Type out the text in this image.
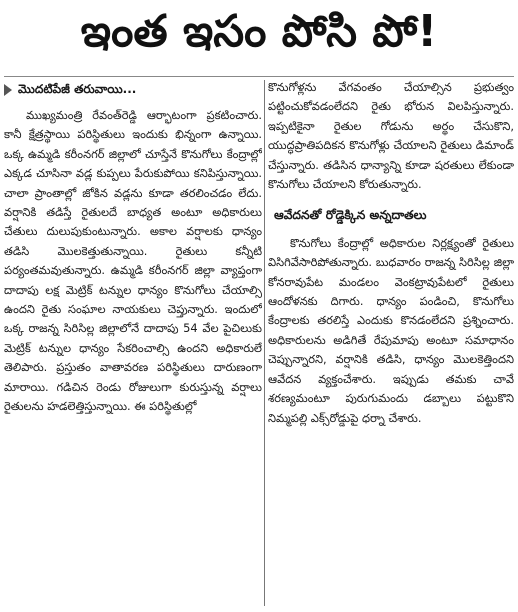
ఇంత ఇసం పోసి పో!
మొదటిపేజీ తరువాయి...

ముఖ్యమంత్రి రేవంత్‌రెడ్డి ఆర్భాటంగా ప్రకటించారు. కానీ క్షేత్రస్థాయి పరిస్థితులు ఇందుకు భిన్నంగా ఉన్నాయి. ఒక్క ఉమ్మడి కరీంనగర్ జిల్లాలో చూస్తేనే కొనుగోలు కేంద్రాల్లో ఎక్కడ చూసినా వడ్ల కుప్పలు పేరుకుపోయి కనిపిస్తున్నాయి. చాలా ప్రాంతాల్లో జోకిన వడ్లను కూడా తరలించడం లేదు. వర్షానికి తడిస్తే రైతులదే బాధ్యత అంటూ అధికారులు చేతులు దులుపుకుంటున్నారు. అకాల వర్షాలకు ధాన్యం తడిసి మొలకెత్తుతున్నాయి. రైతులు కన్నీటి పర్యంతమవుతున్నారు. ఉమ్మడి కరీంనగర్ జిల్లా వ్యాప్తంగా దాదాపు లక్ష మెట్రిక్ టన్నుల ధాన్యం కొనుగోలు చేయాల్సి ఉందని రైతు సంఘాల నాయకులు చెప్తున్నారు. ఇందులో ఒక్క రాజన్న సిరిసిల్ల జిల్లాలోనే దాదాపు 54 వేల పైచిలుకు మెట్రిక్ టన్నుల ధాన్యం సేకరించాల్సి ఉందని అధికారులే తెలిపారు. ప్రస్తుతం వాతావరణ పరిస్థితులు దారుణంగా మారాయి. గడిచిన రెండు రోజులుగా కురుస్తున్న వర్షాలు రైతులను హడలెత్తిస్తున్నాయి. ఈ పరిస్థితుల్లో

కొనుగోళ్లను వేగవంతం చేయాల్సిన ప్రభుత్వం పట్టించుకోవడంలేదని రైతు భోరున విలపిస్తున్నారు. ఇప్పటికైనా రైతుల గోడును అర్థం చేసుకొని, యుద్ధప్రాతిపదికన కొనుగోళ్లు చేయాలని రైతులు డిమాండ్ చేస్తున్నారు. తడిసిన ధాన్యాన్ని కూడా షరతులు లేకుండా కొనుగోలు చేయాలని కోరుతున్నారు.

ఆవేదనతో రోడ్డెక్కిన అన్నదాతలు

కొనుగోలు కేంద్రాల్లో అధికారుల నిర్లక్ష్యంతో రైతులు విసిగివేసారిపోతున్నారు. బుధవారం రాజన్న సిరిసిల్ల జిల్లా కోనరావుపేట మండలం వెంకట్రావుపేటలో రైతులు ఆందోళనకు దిగారు. ధాన్యం పండించి, కొనుగోలు కేంద్రాలకు తరలిస్తే ఎందుకు కొనడంలేదని ప్రశ్నించారు. అధికారులను అడిగితే రేపుమాపు అంటూ సమాధానం చెప్పున్నారని, వర్షానికి తడిసి, ధాన్యం మొలకెత్తిందని ఆవేదన వ్యక్తంచేశారు. ఇప్పుడు తమకు చావే శరణ్యమంటూ పురుగుమందు డబ్బాలు పట్టుకొని నిమ్మపల్లి ఎక్స్‌రోడ్డుపై ధర్నా చేశారు.
